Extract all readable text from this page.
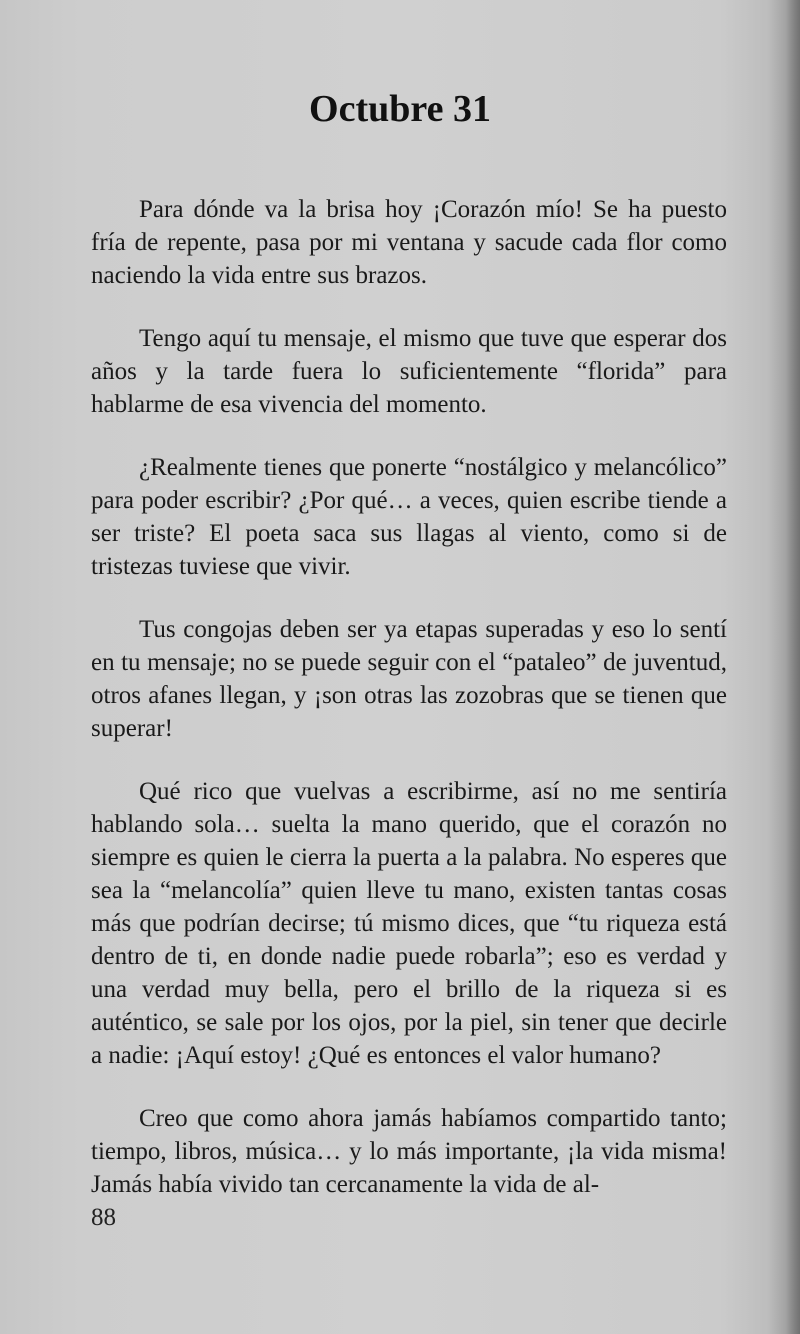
Octubre 31

Para dónde va la brisa hoy ¡Corazón mío! Se ha puesto fría de repente, pasa por mi ventana y sacude cada flor como naciendo la vida entre sus brazos.

Tengo aquí tu mensaje, el mismo que tuve que esperar dos años y la tarde fuera lo suficientemente “florida” para hablarme de esa vivencia del momento.

¿Realmente tienes que ponerte “nostálgico y melancólico” para poder escribir? ¿Por qué… a veces, quien escribe tiende a ser triste? El poeta saca sus llagas al viento, como si de tristezas tuviese que vivir.

Tus congojas deben ser ya etapas superadas y eso lo sentí en tu mensaje; no se puede seguir con el “pataleo” de juventud, otros afanes llegan, y ¡son otras las zozobras que se tienen que superar!

Qué rico que vuelvas a escribirme, así no me sentiría hablando sola… suelta la mano querido, que el corazón no siempre es quien le cierra la puerta a la palabra. No esperes que sea la “melancolía” quien lleve tu mano, existen tantas cosas más que podrían decirse; tú mismo dices, que “tu riqueza está dentro de ti, en donde nadie puede robarla”; eso es verdad y una verdad muy bella, pero el brillo de la riqueza si es auténtico, se sale por los ojos, por la piel, sin tener que decirle a nadie: ¡Aquí estoy! ¿Qué es entonces el valor humano?

Creo que como ahora jamás habíamos compartido tanto; tiempo, libros, música… y lo más importante, ¡la vida misma! Jamás había vivido tan cercanamente la vida de al-

88
